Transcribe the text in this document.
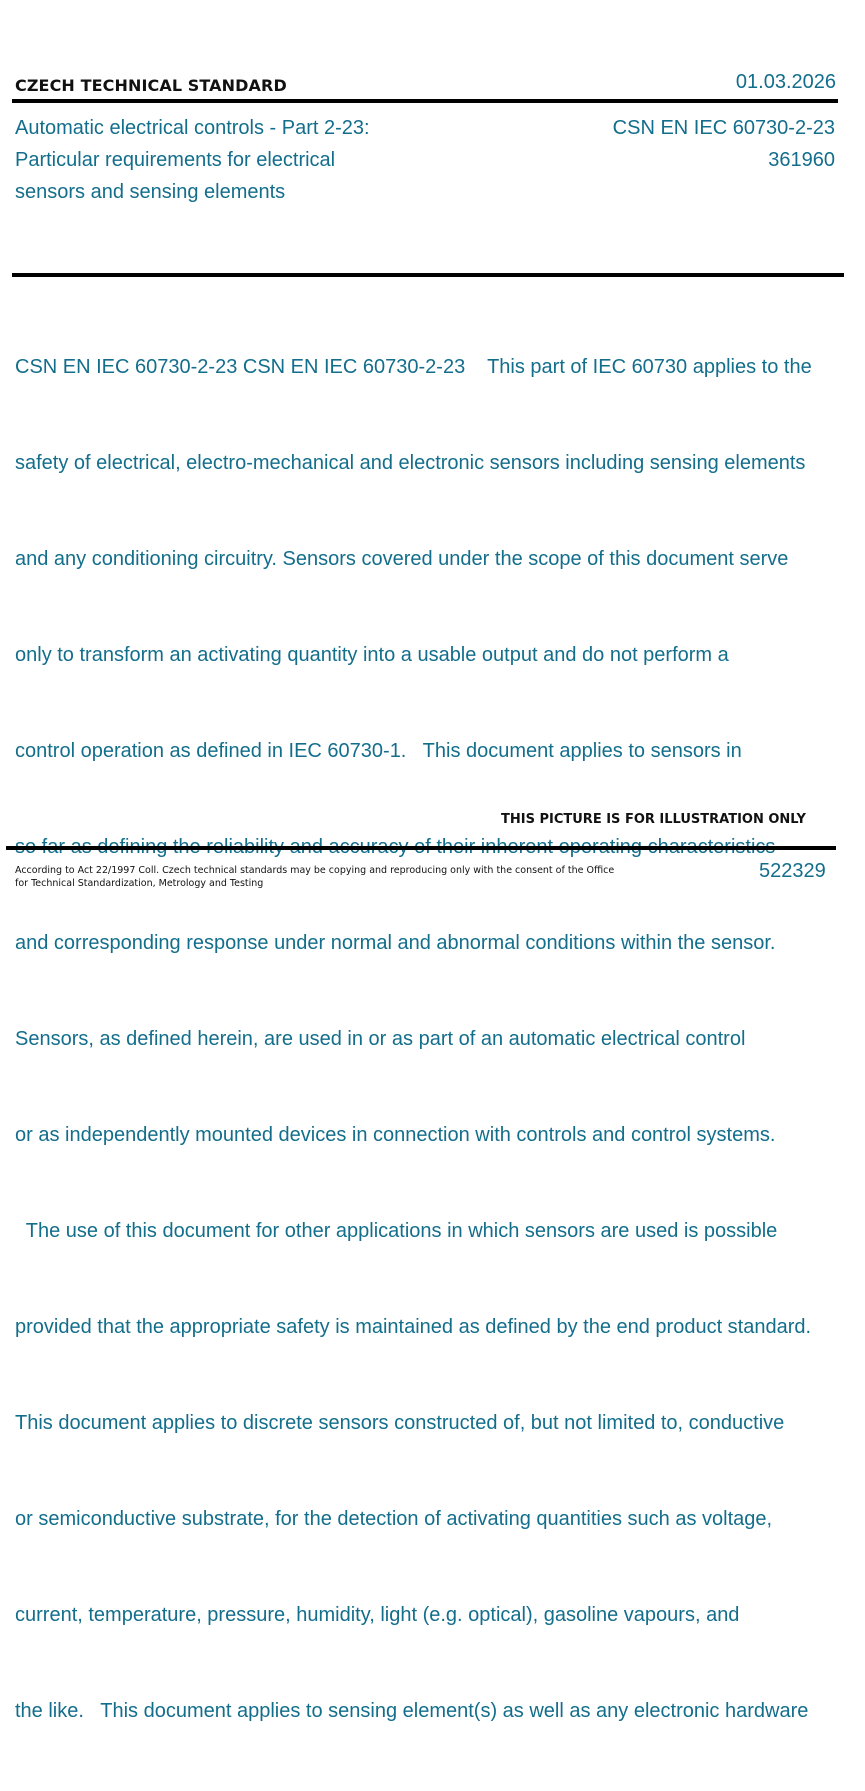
CZECH TECHNICAL STANDARD	01.03.2026
Automatic electrical controls - Part 2-23:
Particular requirements for electrical
sensors and sensing elements
CSN EN IEC 60730-2-23
361960

CSN EN IEC 60730-2-23 CSN EN IEC 60730-2-23    This part of IEC 60730 applies to the

safety of electrical, electro-mechanical and electronic sensors including sensing elements

and any conditioning circuitry. Sensors covered under the scope of this document serve

only to transform an activating quantity into a usable output and do not perform a

control operation as defined in IEC 60730-1.   This document applies to sensors in

and corresponding response under normal and abnormal conditions within the sensor.

Sensors, as defined herein, are used in or as part of an automatic electrical control

or as independently mounted devices in connection with controls and control systems.

The use of this document for other applications in which sensors are used is possible

provided that the appropriate safety is maintained as defined by the end product standard.

This document applies to discrete sensors constructed of, but not limited to, conductive

or semiconductive substrate, for the detection of activating quantities such as voltage,

current, temperature, pressure, humidity, light (e.g. optical), gasoline vapours, and

the like.   This document applies to sensing element(s) as well as any electronic hardware

THIS PICTURE IS FOR ILLUSTRATION ONLY
According to Act 22/1997 Coll. Czech technical standards may be copying and reproducing only with the consent of the Office
for Technical Standardization, Metrology and Testing
522329
